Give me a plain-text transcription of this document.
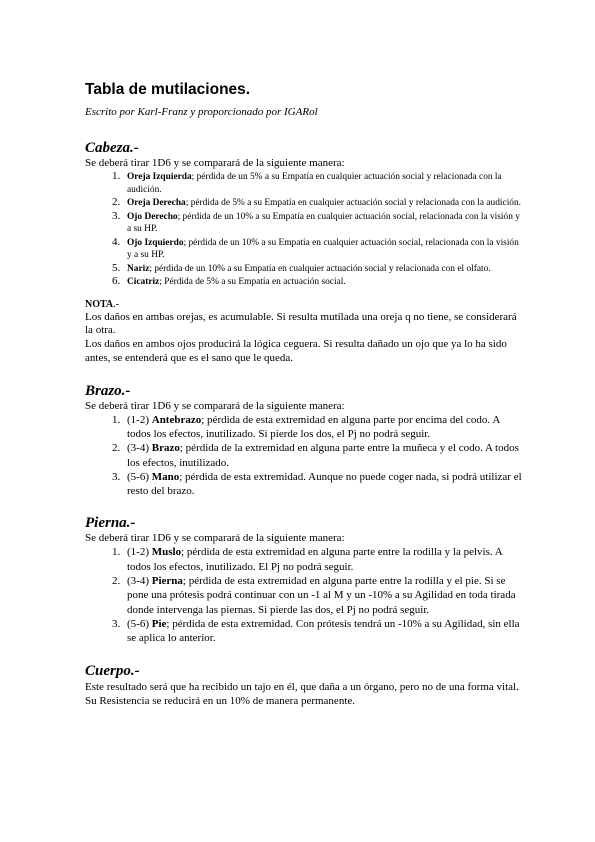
Tabla de mutilaciones.
Escrito por Karl-Franz y proporcionado por IGARol
Cabeza.-

Se deberá tirar 1D6 y se comparará de la siguiente manera:

1. Oreja Izquierda; pérdida de un 5% a su Empatía en cualquier actuación social y relacionada con la audición.
2. Oreja Derecha; pérdida de 5% a su Empatía en cualquier actuación social y relacionada con la audición.
3. Ojo Derecho; pérdida de un 10% a su Empatía en cualquier actuación social, relacionada con la visión y a su HP.
4. Ojo Izquierdo; pérdida de un 10% a su Empatía en cualquier actuación social, relacionada con la visión y a su HP.
5. Nariz; pérdida de un 10% a su Empatía en cualquier actuación social y relacionada con el olfato.
6. Cicatriz; Pérdida de 5% a su Empatía en actuación social.

NOTA.-

Los daños en ambas orejas, es acumulable. Si resulta mutilada una oreja q no tiene, se considerará la otra.

Los daños en ambos ojos producirá la lógica ceguera. Si resulta dañado un ojo que ya lo ha sido antes, se entenderá que es el sano que le queda.

Brazo.-

Se deberá tirar 1D6 y se comparará de la siguiente manera:

1. (1-2) Antebrazo; pérdida de esta extremidad en alguna parte por encima del codo. A todos los efectos, inutilizado. Si pierde los dos, el Pj no podrá seguir.
2. (3-4) Brazo; pérdida de la extremidad en alguna parte entre la muñeca y el codo. A todos los efectos, inutilizado.
3. (5-6) Mano; pérdida de esta extremidad. Aunque no puede coger nada, si podrá utilizar el resto del brazo.
Pierna.-

Se deberá tirar 1D6 y se comparará de la siguiente manera:

1. (1-2) Muslo; pérdida de esta extremidad en alguna parte entre la rodilla y la pelvis. A todos los efectos, inutilizado. El Pj no podrá seguir.
2. (3-4) Pierna; pérdida de esta extremidad en alguna parte entre la rodilla y el pie. Si se pone una prótesis podrá continuar con un -1 al M y un -10% a su Agilidad en toda tirada donde intervenga las piernas. Si pierde las dos, el Pj no podrá seguir.
3. (5-6) Pie; pérdida de esta extremidad. Con prótesis tendrá un -10% a su Agilidad, sin ella se aplica lo anterior.
Cuerpo.-

Este resultado será que ha recibido un tajo en él, que daña a un órgano, pero no de una forma vital. Su Resistencia se reducirá en un 10% de manera permanente.
